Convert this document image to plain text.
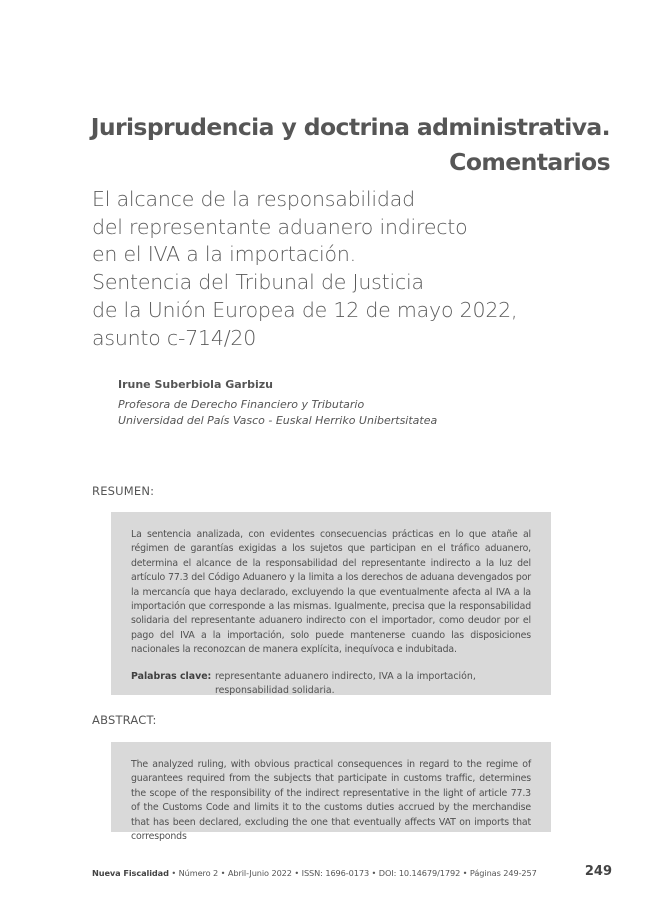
Jurisprudencia y doctrina administrativa.
Comentarios
El alcance de la responsabilidad
del representante aduanero indirecto
en el IVA a la importación.
Sentencia del Tribunal de Justicia
de la Unión Europea de 12 de mayo 2022,
asunto c-714/20
Irune Suberbiola Garbizu
Profesora de Derecho Financiero y Tributario
Universidad del País Vasco - Euskal Herriko Unibertsitatea
RESUMEN:

La sentencia analizada, con evidentes consecuencias prácticas en lo que atañe al régimen de garantías exigidas a los sujetos que participan en el tráfico aduanero, determina el alcance de la responsabilidad del representante indirecto a la luz del artículo 77.3 del Código Aduanero y la limita a los derechos de aduana devengados por la mercancía que haya declarado, excluyendo la que eventualmente afecta al IVA a la importación que corresponde a las mismas. Igualmente, precisa que la responsabilidad solidaria del representante aduanero indirecto con el importador, como deudor por el pago del IVA a la importación, solo puede mantenerse cuando las disposiciones nacionales la reconozcan de manera explícita, inequívoca e indubitada.

Palabras clave: representante aduanero indirecto, IVA a la importación, responsabilidad solidaria.
ABSTRACT:

The analyzed ruling, with obvious practical consequences in regard to the regime of guarantees required from the subjects that participate in customs traffic, determines the scope of the responsibility of the indirect representative in the light of article 77.3 of the Customs Code and limits it to the customs duties accrued by the merchandise that has been declared, excluding the one that eventually affects VAT on imports that corresponds

Nueva Fiscalidad • Número 2 • Abril-Junio 2022 • ISSN: 1696-0173 • DOI: 10.14679/1792 • Páginas 249-257	249
